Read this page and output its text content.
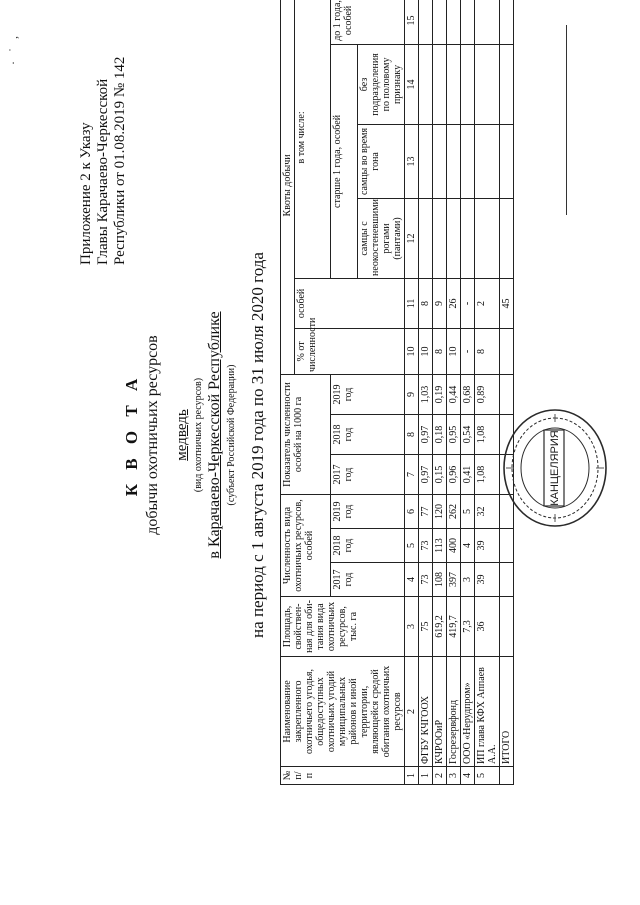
· ˙ ,
Приложение 2 к Указу Главы Карачаево-Черкесской Республики от 01.08.2019 № 142
К В О Т А добычи охотничьих ресурсов медведь (вид охотничьих ресурсов) в Карачаево-Черкесской Республике (субъект Российской Федерации) на период с 1 августа 2019 года по 31 июля 2020 года
№ п/п	Наименование закрепленного охотничьего угодья, общедоступных охотничьих угодий муниципальных районов и иной территории, являющейся средой обитания охотничьих ресурсов	Площадь, свойствен-ная для оби-тания вида охотничьих ресурсов, тыс. га	Численность вида охотничьих ресурсов, особей			Показатель численности особей на 1000 га			Квоты добычи					
									% от численности	особей	в том числе:			
			2017 год	2018 год	2019 год	2017 год	2018 год	2019 год			старше 1 года, особей			до 1 года, особей
											самцы с неокостеневшими рогами (пантами)	самцы во время гона	без подразделения по половому признаку	
1	2	3	4	5	6	7	8	9	10	11	12	13	14	15
1	ФГБУ КЧГООХ	75	73	73	77	0,97	0,97	1,03	10	8				
2	КЧРООиР	619,2	108	113	120	0,15	0,18	0,19	8	9				
3	Госрезервфонд	419,7	397	400	262	0,96	0,95	0,44	10	26				
4	ООО «Нерудпром»	7,3	3	4	5	0,41	0,54	0,68	-	-				
5	ИП глава КФХ Аппаев А.А.	36	39	39	32	1,08	1,08	0,89	8	2				
	ИТОГО									45				
КАНЦЕЛЯРИЯ
